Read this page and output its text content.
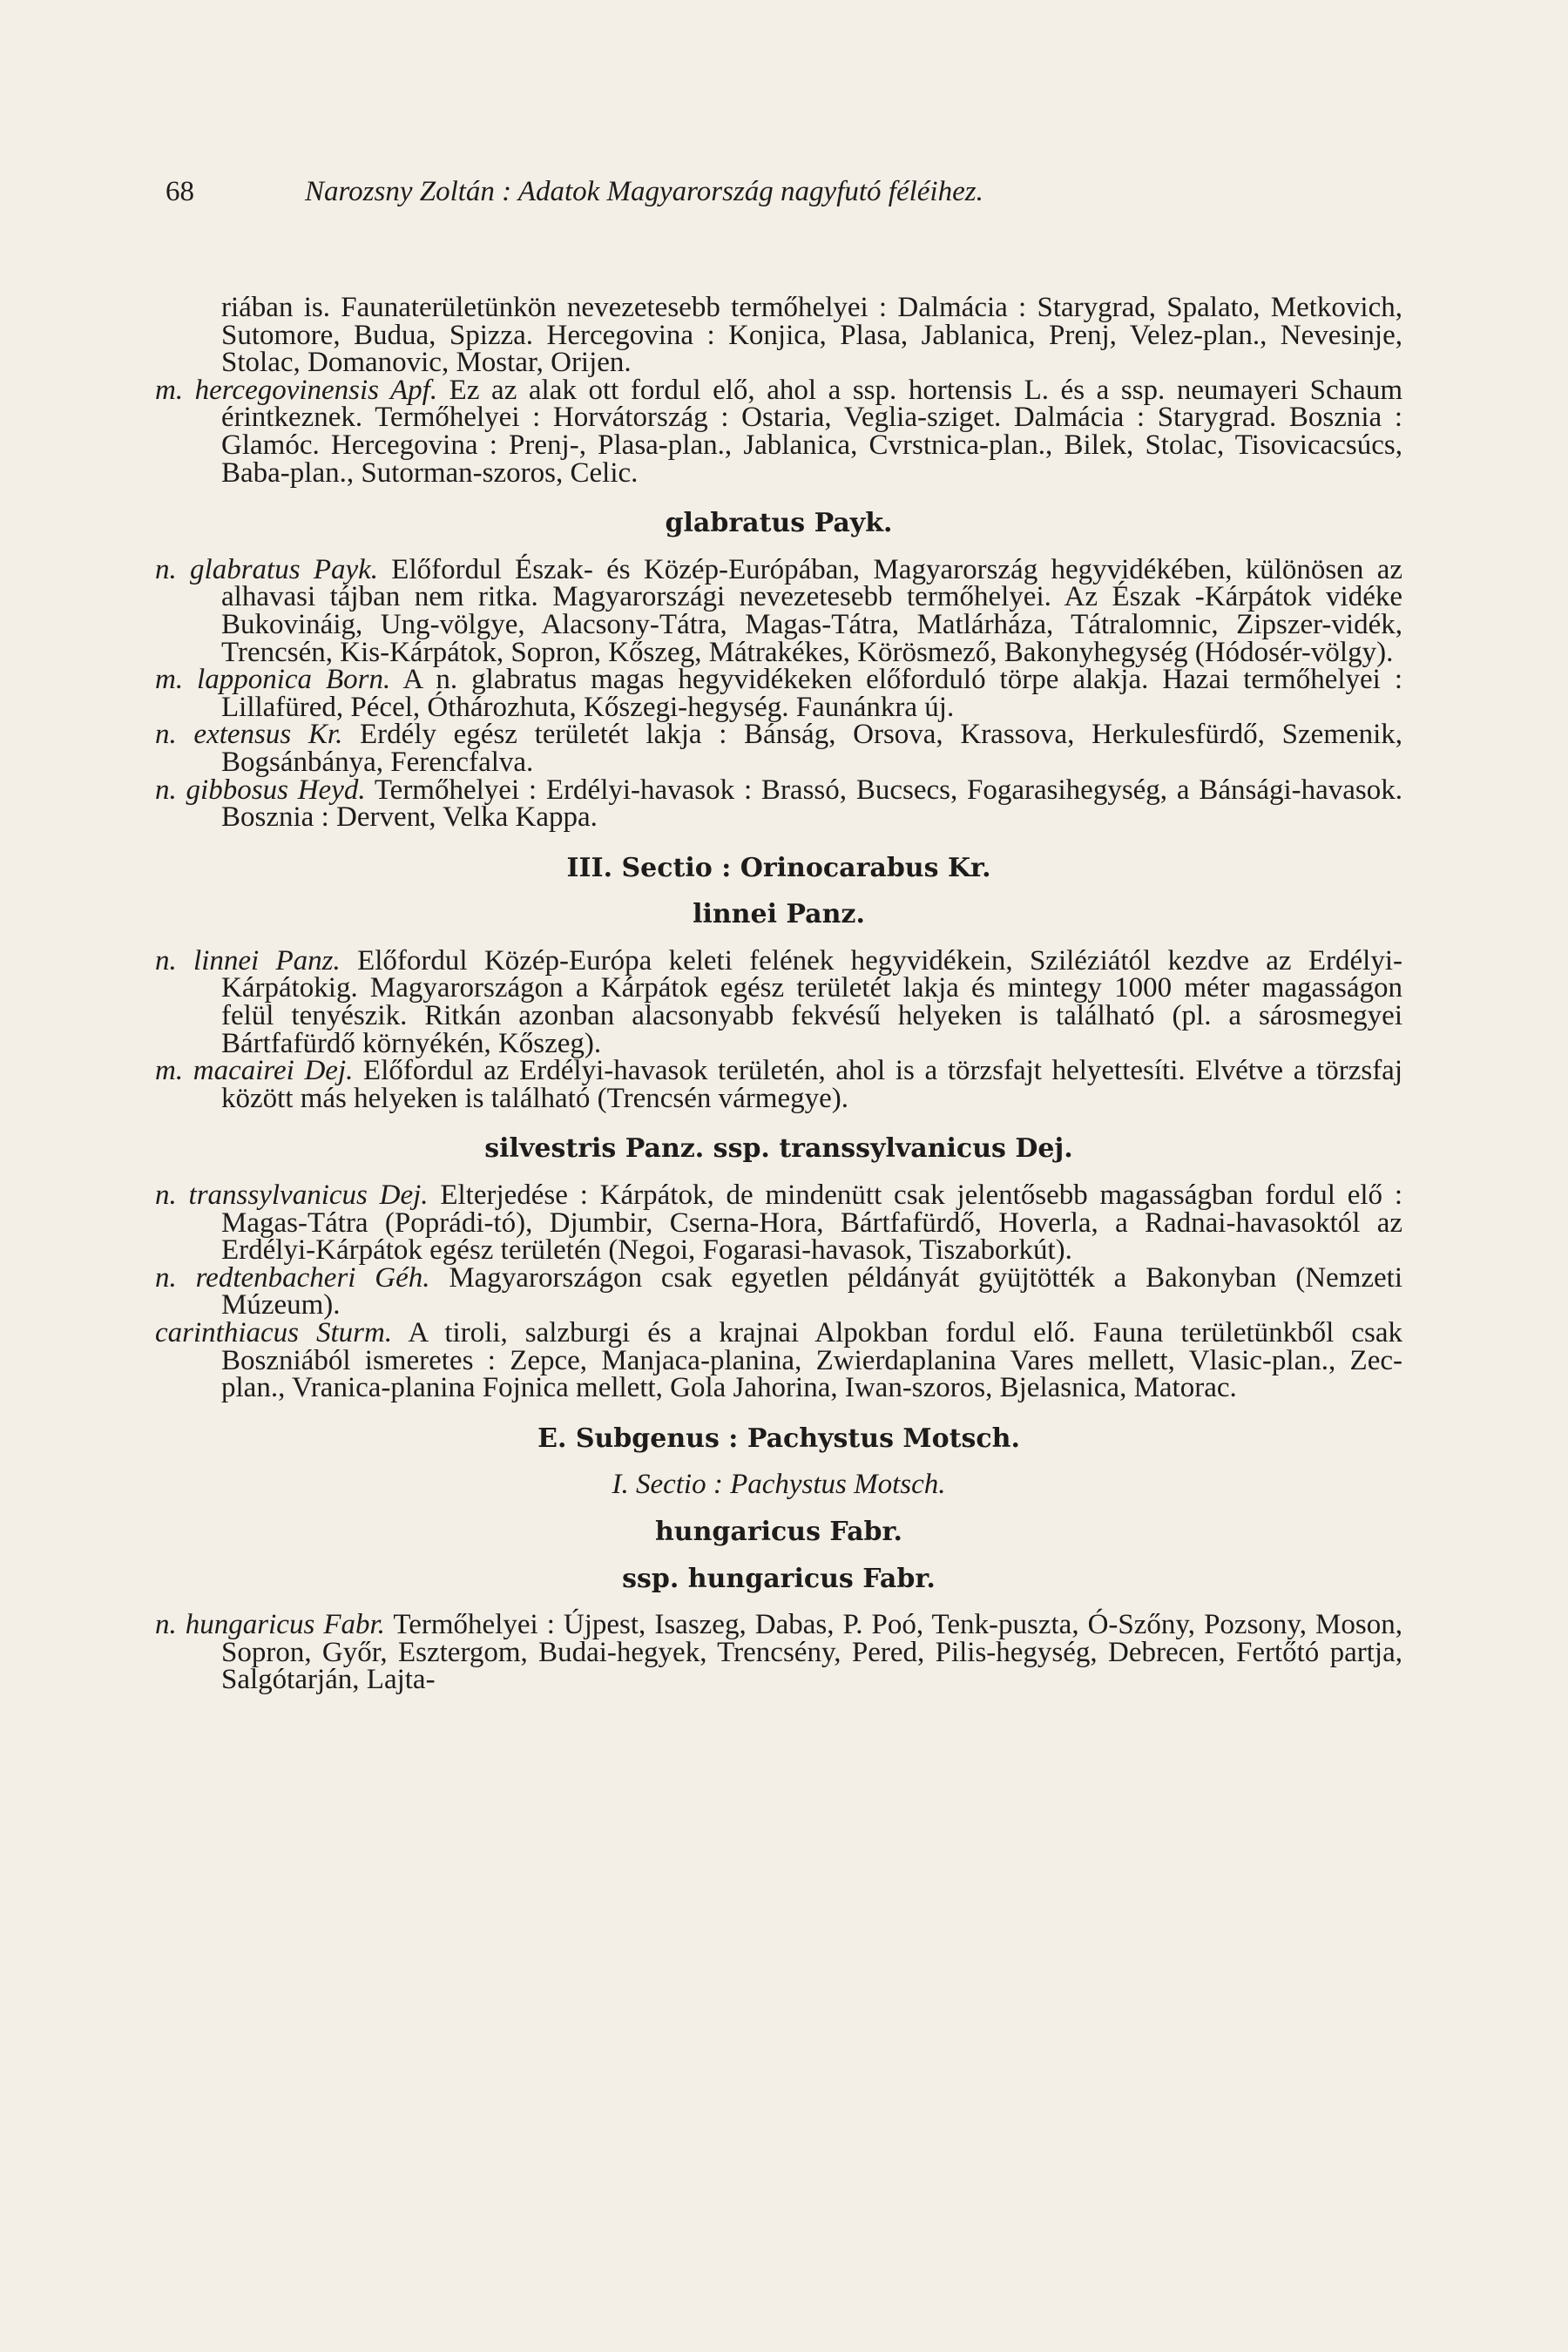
68	Narozsny Zoltán : Adatok Magyarország nagyfutó féléihez.

riában is. Faunaterületünkön nevezetesebb termőhelyei : Dalmácia : Starygrad, Spalato, Metkovich, Sutomore, Budua, Spizza. Hercegovina : Konjica, Plasa, Jablanica, Prenj, Velez-plan., Nevesinje, Stolac, Domanovic, Mostar, Orijen.

m. hercegovinensis Apf. Ez az alak ott fordul elő, ahol a ssp. hortensis L. és a ssp. neumayeri Schaum érintkeznek. Termőhelyei : Horvátország : Ostaria, Veglia-sziget. Dalmácia : Starygrad. Bosznia : Glamóc. Hercegovina : Prenj-, Plasa-plan., Jablanica, Cvrstnica-plan., Bilek, Stolac, Tisovicacsúcs, Baba-plan., Sutorman-szoros, Celic.

glabratus Payk.

n. glabratus Payk. Előfordul Észak- és Közép-Európában, Magyarország hegyvidékében, különösen az alhavasi tájban nem ritka. Magyarországi nevezetesebb termőhelyei. Az Észak -Kárpátok vidéke Bukovináig, Ung-völgye, Alacsony-Tátra, Magas-Tátra, Matlárháza, Tátralomnic, Zipszer-vidék, Trencsén, Kis-Kárpátok, Sopron, Kőszeg, Mátrakékes, Körösmező, Bakonyhegység (Hódosér-völgy).

m. lapponica Born. A n. glabratus magas hegyvidékeken előforduló törpe alakja. Hazai termőhelyei : Lillafüred, Pécel, Óthározhuta, Kőszegi-hegység. Faunánkra új.

n. extensus Kr. Erdély egész területét lakja : Bánság, Orsova, Krassova, Herkulesfürdő, Szemenik, Bogsánbánya, Ferencfalva.

n. gibbosus Heyd. Termőhelyei : Erdélyi-havasok : Brassó, Bucsecs, Fogarasihegység, a Bánsági-havasok. Bosznia : Dervent, Velka Kappa.

III. Sectio : Orinocarabus Kr.

linnei Panz.

n. linnei Panz. Előfordul Közép-Európa keleti felének hegyvidékein, Sziléziától kezdve az Erdélyi-Kárpátokig. Magyarországon a Kárpátok egész területét lakja és mintegy 1000 méter magasságon felül tenyészik. Ritkán azonban alacsonyabb fekvésű helyeken is található (pl. a sárosmegyei Bártfafürdő környékén, Kőszeg).

m. macairei Dej. Előfordul az Erdélyi-havasok területén, ahol is a törzsfajt helyettesíti. Elvétve a törzsfaj között más helyeken is található (Trencsén vármegye).

silvestris Panz. ssp. transsylvanicus Dej.

n. transsylvanicus Dej. Elterjedése : Kárpátok, de mindenütt csak jelentősebb magasságban fordul elő : Magas-Tátra (Poprádi-tó), Djumbir, Cserna-Hora, Bártfafürdő, Hoverla, a Radnai-havasoktól az Erdélyi-Kárpátok egész területén (Negoi, Fogarasi-havasok, Tiszaborkút).

n. redtenbacheri Géh. Magyarországon csak egyetlen példányát gyüjtötték a Bakonyban (Nemzeti Múzeum).

carinthiacus Sturm. A tiroli, salzburgi és a krajnai Alpokban fordul elő. Fauna területünkből csak Boszniából ismeretes : Zepce, Manjaca-planina, Zwierdaplanina Vares mellett, Vlasic-plan., Zec-plan., Vranica-planina Fojnica mellett, Gola Jahorina, Iwan-szoros, Bjelasnica, Matorac.

E. Subgenus : Pachystus Motsch.

I. Sectio : Pachystus Motsch.

hungaricus Fabr.

ssp. hungaricus Fabr.

n. hungaricus Fabr. Termőhelyei : Újpest, Isaszeg, Dabas, P. Poó, Tenk-puszta, Ó-Szőny, Pozsony, Moson, Sopron, Győr, Esztergom, Budai-hegyek, Trencsény, Pered, Pilis-hegység, Debrecen, Fertőtó partja, Salgótarján, Lajta-
